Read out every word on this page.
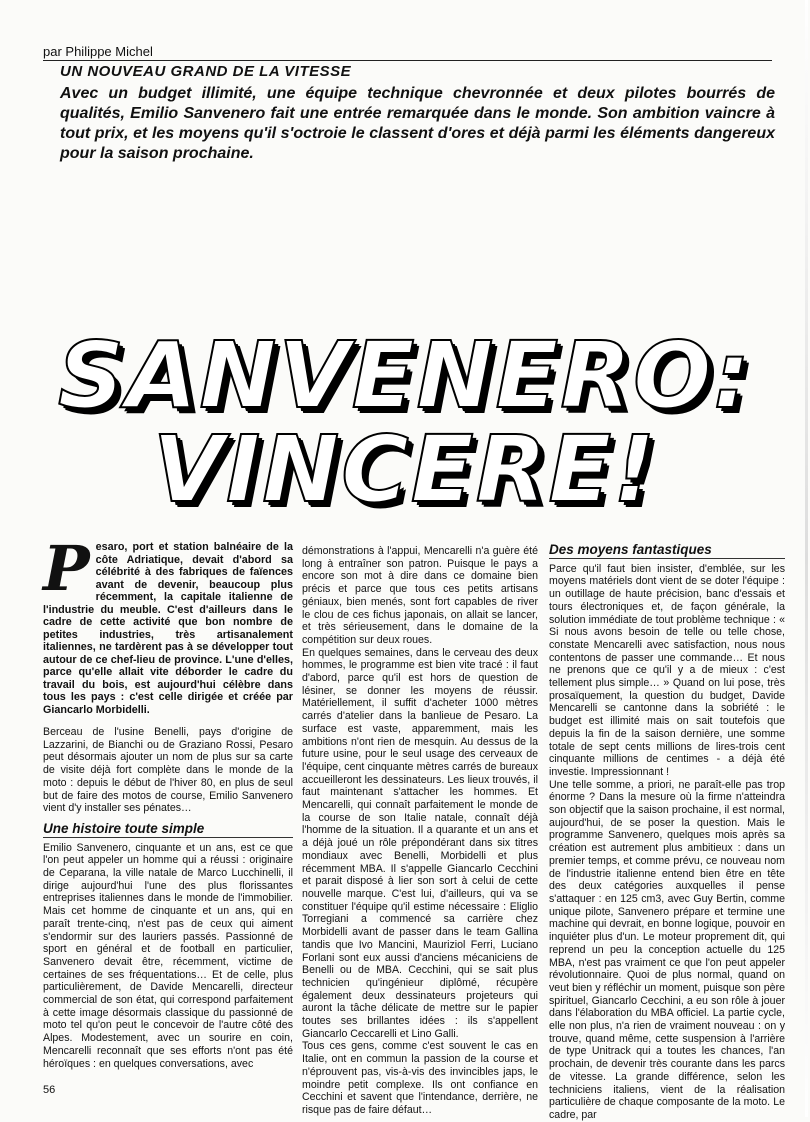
par Philippe Michel
UN NOUVEAU GRAND DE LA VITESSE
Avec un budget illimité, une équipe technique chevronnée et deux pilotes bourrés de qualités, Emilio Sanvenero fait une entrée remarquée dans le monde. Son ambition vaincre à tout prix, et les moyens qu'il s'octroie le classent d'ores et déjà parmi les éléments dangereux pour la saison prochaine.
SANVENERO:
VINCERE!
P esaro, port et station balnéaire de la côte Adriatique, devait d'abord sa célébrité à des fabriques de faïences avant de devenir, beaucoup plus récemment, la capitale italienne de l'industrie du meuble. C'est d'ailleurs dans le cadre de cette activité que bon nombre de petites industries, très artisanalement italiennes, ne tardèrent pas à se développer tout autour de ce chef-lieu de province. L'une d'elles, parce qu'elle allait vite déborder le cadre du travail du bois, est aujourd'hui célèbre dans tous les pays : c'est celle dirigée et créée par Giancarlo Morbidelli.

Berceau de l'usine Benelli, pays d'origine de Lazzarini, de Bianchi ou de Graziano Rossi, Pesaro peut désormais ajouter un nom de plus sur sa carte de visite déjà fort complète dans le monde de la moto : depuis le début de l'hiver 80, en plus de seul but de faire des motos de course, Emilio Sanvenero vient d'y installer ses pénates…

Une histoire toute simple

Emilio Sanvenero, cinquante et un ans, est ce que l'on peut appeler un homme qui a réussi : originaire de Ceparana, la ville natale de Marco Lucchinelli, il dirige aujourd'hui l'une des plus florissantes entreprises italiennes dans le monde de l'immobilier. Mais cet homme de cinquante et un ans, qui en paraît trente-cinq, n'est pas de ceux qui aiment s'endormir sur des lauriers passés. Passionné de sport en général et de football en particulier, Sanvenero devait être, récemment, victime de certaines de ses fréquentations… Et de celle, plus particulièrement, de Davide Mencarelli, directeur commercial de son état, qui correspond parfaitement à cette image désormais classique du passionné de moto tel qu'on peut le concevoir de l'autre côté des Alpes. Modestement, avec un sourire en coin, Mencarelli reconnaît que ses efforts n'ont pas été héroïques : en quelques conversations, avec

démonstrations à l'appui, Mencarelli n'a guère été long à entraîner son patron. Puisque le pays a encore son mot à dire dans ce domaine bien précis et parce que tous ces petits artisans géniaux, bien menés, sont fort capables de river le clou de ces fichus japonais, on allait se lancer, et très sérieusement, dans le domaine de la compétition sur deux roues.

En quelques semaines, dans le cerveau des deux hommes, le programme est bien vite tracé : il faut d'abord, parce qu'il est hors de question de lésiner, se donner les moyens de réussir. Matériellement, il suffit d'acheter 1000 mètres carrés d'atelier dans la banlieue de Pesaro. La surface est vaste, apparemment, mais les ambitions n'ont rien de mesquin. Au dessus de la future usine, pour le seul usage des cerveaux de l'équipe, cent cinquante mètres carrés de bureaux accueilleront les dessinateurs. Les lieux trouvés, il faut maintenant s'attacher les hommes. Et Mencarelli, qui connaît parfaitement le monde de la course de son Italie natale, connaît déjà l'homme de la situation. Il a quarante et un ans et a déjà joué un rôle prépondérant dans six titres mondiaux avec Benelli, Morbidelli et plus récemment MBA. Il s'appelle Giancarlo Cecchini et parait disposé à lier son sort à celui de cette nouvelle marque. C'est lui, d'ailleurs, qui va se constituer l'équipe qu'il estime nécessaire : Eliglio Torregiani a commencé sa carrière chez Morbidelli avant de passer dans le team Gallina tandis que Ivo Mancini, Mauriziol Ferri, Luciano Forlani sont eux aussi d'anciens mécaniciens de Benelli ou de MBA. Cecchini, qui se sait plus technicien qu'ingénieur diplômé, récupère également deux dessinateurs projeteurs qui auront la tâche délicate de mettre sur le papier toutes ses brillantes idées : ils s'appellent Giancarlo Ceccarelli et Lino Galli.

Tous ces gens, comme c'est souvent le cas en Italie, ont en commun la passion de la course et n'éprouvent pas, vis-à-vis des invincibles japs, le moindre petit complexe. Ils ont confiance en Cecchini et savent que l'intendance, derrière, ne risque pas de faire défaut…

Des moyens fantastiques

Parce qu'il faut bien insister, d'emblée, sur les moyens matériels dont vient de se doter l'équipe : un outillage de haute précision, banc d'essais et tours électroniques et, de façon générale, la solution immédiate de tout problème technique : « Si nous avons besoin de telle ou telle chose, constate Mencarelli avec satisfaction, nous nous contentons de passer une commande… Et nous ne prenons que ce qu'il y a de mieux : c'est tellement plus simple… » Quand on lui pose, très prosaïquement, la question du budget, Davide Mencarelli se cantonne dans la sobriété : le budget est illimité mais on sait toutefois que depuis la fin de la saison dernière, une somme totale de sept cents millions de lires-trois cent cinquante millions de centimes - a déjà été investie. Impressionnant !

Une telle somme, a priori, ne paraît-elle pas trop énorme ? Dans la mesure où la firme n'atteindra son objectif que la saison prochaine, il est normal, aujourd'hui, de se poser la question. Mais le programme Sanvenero, quelques mois après sa création est autrement plus ambitieux : dans un premier temps, et comme prévu, ce nouveau nom de l'industrie italienne entend bien être en tête des deux catégories auxquelles il pense s'attaquer : en 125 cm3, avec Guy Bertin, comme unique pilote, Sanvenero prépare et termine une machine qui devrait, en bonne logique, pouvoir en inquiéter plus d'un. Le moteur proprement dit, qui reprend un peu la conception actuelle du 125 MBA, n'est pas vraiment ce que l'on peut appeler révolutionnaire. Quoi de plus normal, quand on veut bien y réfléchir un moment, puisque son père spirituel, Giancarlo Cecchini, a eu son rôle à jouer dans l'élaboration du MBA officiel. La partie cycle, elle non plus, n'a rien de vraiment nouveau : on y trouve, quand même, cette suspension à l'arrière de type Unitrack qui a toutes les chances, l'an prochain, de devenir très courante dans les parcs de vitesse. La grande différence, selon les techniciens italiens, vient de la réalisation particulière de chaque composante de la moto. Le cadre, par

56
